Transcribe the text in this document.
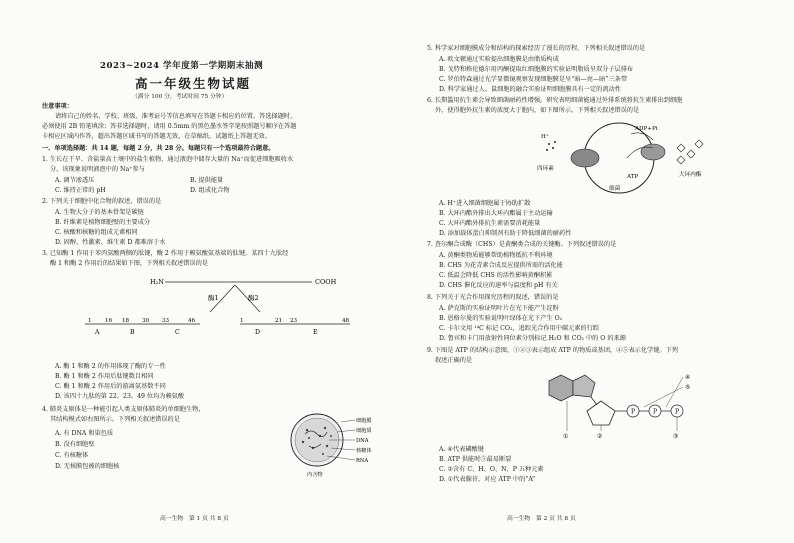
2023~2024 学年度第一学期期末抽测
高一年级生物试题
（满分 100 分，考试时间 75 分钟）
注意事项：
请将自己的姓名、学校、班级、准考证号等信息填写在答题卡相应的位置。答选择题时，
必须使用 2B 铅笔填涂；答非选择题时，请用 0.5mm 的黑色墨水签字笔按照题号顺序在答题
卡相应区域内作答，超出答题区域书写的答题无效，在草稿纸、试题纸上答题无效。
一、单项选择题：共 14 题，每题 2 分，共 28 分。每题只有一个选项最符合题意。
1. 生长在干旱、含盐量高土壤中的盐生植物，通过液泡中储存大量的 Na⁺而促进细胞吸收水
分，该现象说明液泡中的 Na⁺参与
A. 调节渗透压	B. 提供能量
C. 维持正常的 pH	D. 组成化合物
2. 下列关于细胞中化合物的叙述，错误的是
A. 生物大分子的基本骨架是碳链
B. 纤维素是植物细胞壁的主要成分
C. 核酸和核糖的组成元素相同
D. 固醇、性激素、维生素 D 都难溶于水
3. 已知酶 1 作用于苯丙氨酸两侧的肽键，酶 2 作用于赖氨酸氨基端的肽键，某四十九肽经
酶 1 和酶 2 作用后的结果如下图，下列相关叙述错误的是
H₂N	COOH
酶1	酶2
1 16 18 30 33	46	1	21 23	48
A	B	C	D	E
A. 酶 1 和酶 2 的作用体现了酶的专一性
B. 酶 1 和酶 2 作用后肽键数目相同
C. 酶 1 和酶 2 作用后的游离氨基数不同
D. 该四十九肽的第 22、23、49 位均为赖氨酸
4. 肺炎支原体是一种能引起人类支原体肺炎的单细胞生物，
其结构模式如右图所示。下列相关叙述错误的是
A. 有 DNA 和染色质
B. 没有细胞壁
C. 有核糖体
D. 无核膜包被的细胞核
细胞膜
细胞质
DNA
核糖体
RNA
内含物
高一生物　第 1 页 共 8 页
5. 科学家对细胞膜成分和结构的探索经历了漫长的历程，下列相关叙述错误的是
A. 欧文顿通过实验提出细胞膜是由脂质构成
B. 戈特和格伦德尔用丙酮提取红细胞膜的实验证明脂质呈双分子层排布
C. 罗伯特森通过光学显微镜观察发现细胞膜是呈“暗—亮—暗”三条带
D. 科学家通过人、鼠细胞的融合实验证明细胞膜具有一定的流动性
6. 长期滥用抗生素会导致细菌耐药性增强。研究表明细菌能通过外排系统将抗生素排出到细胞
外，使得胞外抗生素的浓度大于胞内，如下图所示。下列相关叙述错误的是
H⁺
ADP+Pi
ATP
细菌
四环素
大环内酯
A. H⁺进入细菌细胞属于协助扩散
B. 大环内酯外排出大环内酯属于主动运输
C. 大环内酯外排抗生素需要消耗能量
D. 添加载体蛋白抑制剂有助于降低细菌的耐药性
7. 查尔酮合成酶（CHS）是黄酮类合成的关键酶。下列叙述错误的是
A. 黄酮类物质能够帮助植物抵抗不利环境
B. CHS 为花青素合成反应提供所需的活化能
C. 低温会降低 CHS 的活性影响黄酮积累
D. CHS 催化反应的速率与温度和 pH 有关
8. 下列关于光合作用探究历程的叙述，错误的是
A. 萨克斯的实验证明叶片在光下能产生淀粉
B. 恩格尔曼的实验说明叶绿体在光下产生 O₂
C. 卡尔文用 ¹⁴C 标记 CO₂，追踪光合作用中碳元素的行踪
D. 鲁宾和卡门用放射性同位素分别标记 H₂O 和 CO₂ 中的 O 的来源
9. 下图是 ATP 的结构示意图，①②③表示组成 ATP 的物质或基团，④⑤表示化学键。下列
叙述正确的是
P	P	P
①	②	③
④
⑤
A. ④代表磷酸键
B. ATP 供能时⑤最易断裂
C. ②含有 C、H、O、N、P 五种元素
D. ①代表腺苷，对应 ATP 中的“A”
高一生物　第 2 页 共 8 页
